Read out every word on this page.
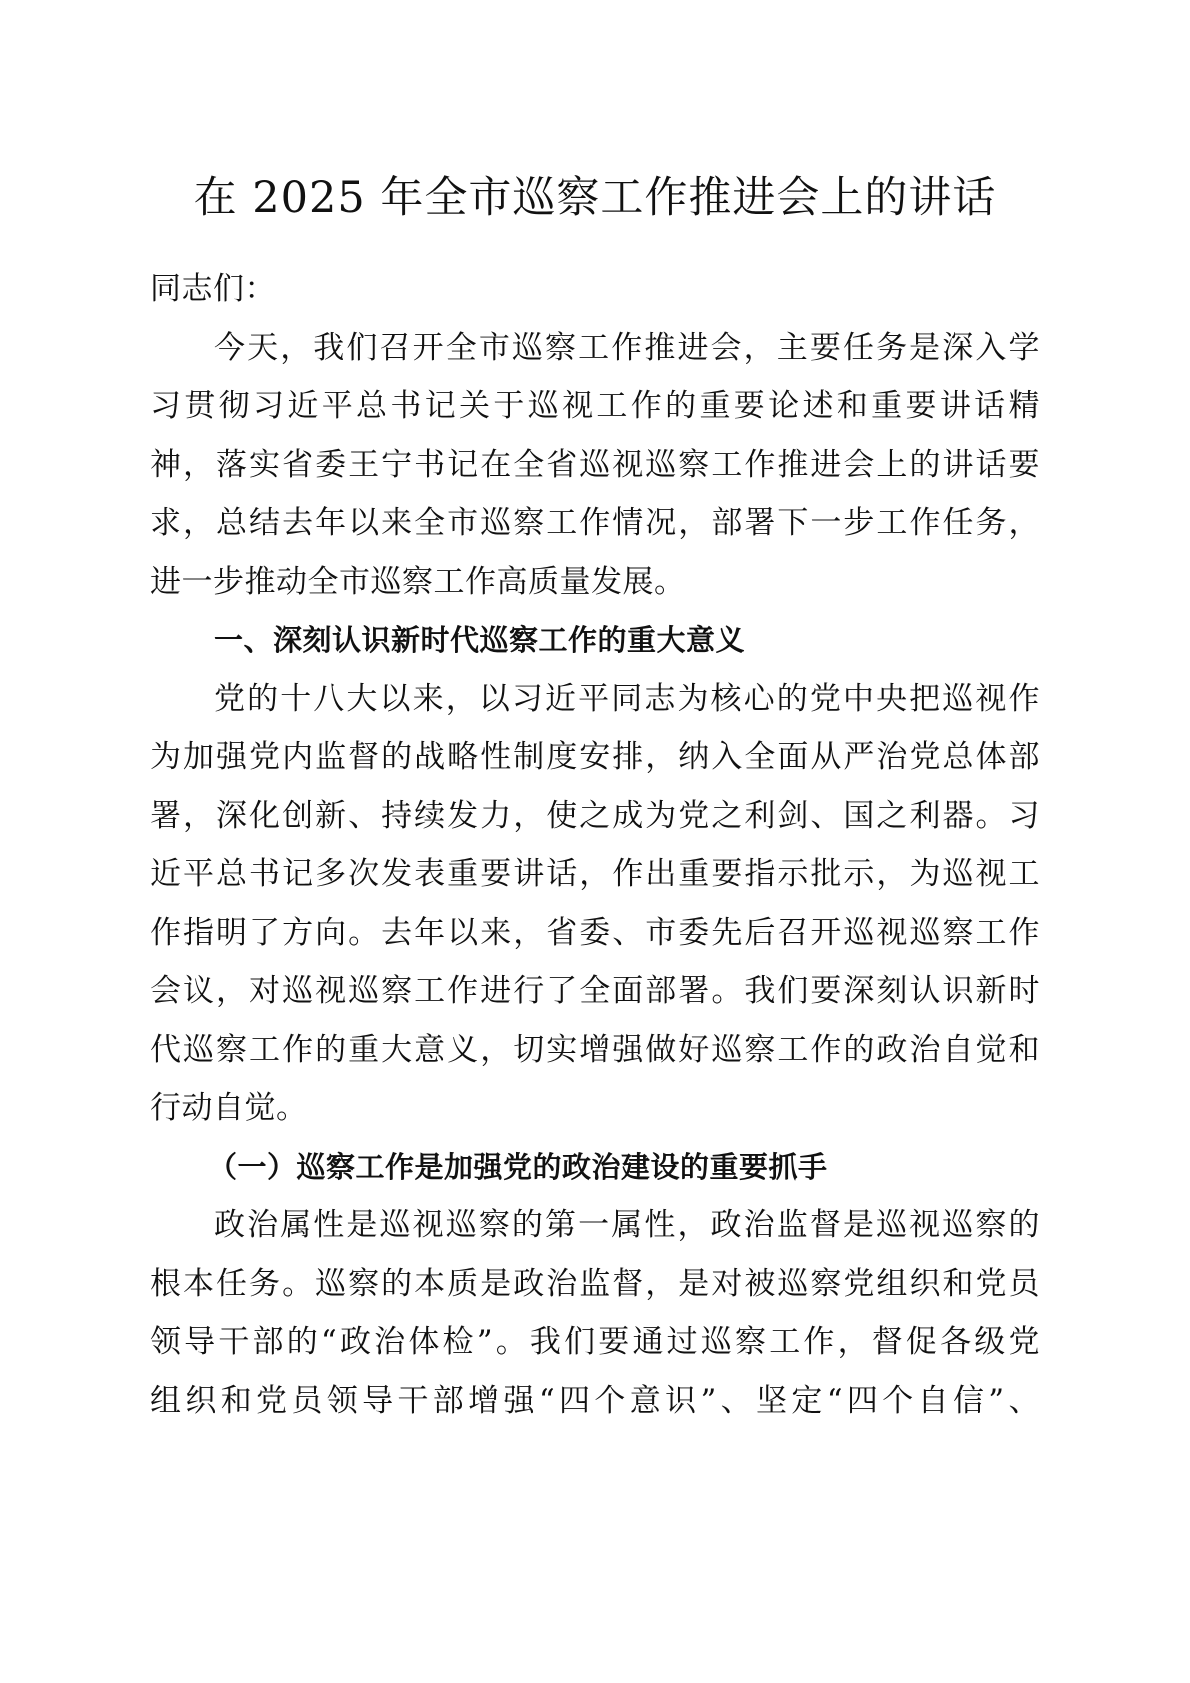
在 2025 年全市巡察工作推进会上的讲话
同志们：
今天，我们召开全市巡察工作推进会，主要任务是深入学
习贯彻习近平总书记关于巡视工作的重要论述和重要讲话精
神，落实省委王宁书记在全省巡视巡察工作推进会上的讲话要
求，总结去年以来全市巡察工作情况，部署下一步工作任务，
进一步推动全市巡察工作高质量发展。
一、深刻认识新时代巡察工作的重大意义
党的十八大以来，以习近平同志为核心的党中央把巡视作
为加强党内监督的战略性制度安排，纳入全面从严治党总体部
署，深化创新、持续发力，使之成为党之利剑、国之利器。习
近平总书记多次发表重要讲话，作出重要指示批示，为巡视工
作指明了方向。去年以来，省委、市委先后召开巡视巡察工作
会议，对巡视巡察工作进行了全面部署。我们要深刻认识新时
代巡察工作的重大意义，切实增强做好巡察工作的政治自觉和
行动自觉。
（一）巡察工作是加强党的政治建设的重要抓手
政治属性是巡视巡察的第一属性，政治监督是巡视巡察的
根本任务。巡察的本质是政治监督，是对被巡察党组织和党员
领导干部的“政治体检”。我们要通过巡察工作，督促各级党
组织和党员领导干部增强“四个意识”、坚定“四个自信”、
